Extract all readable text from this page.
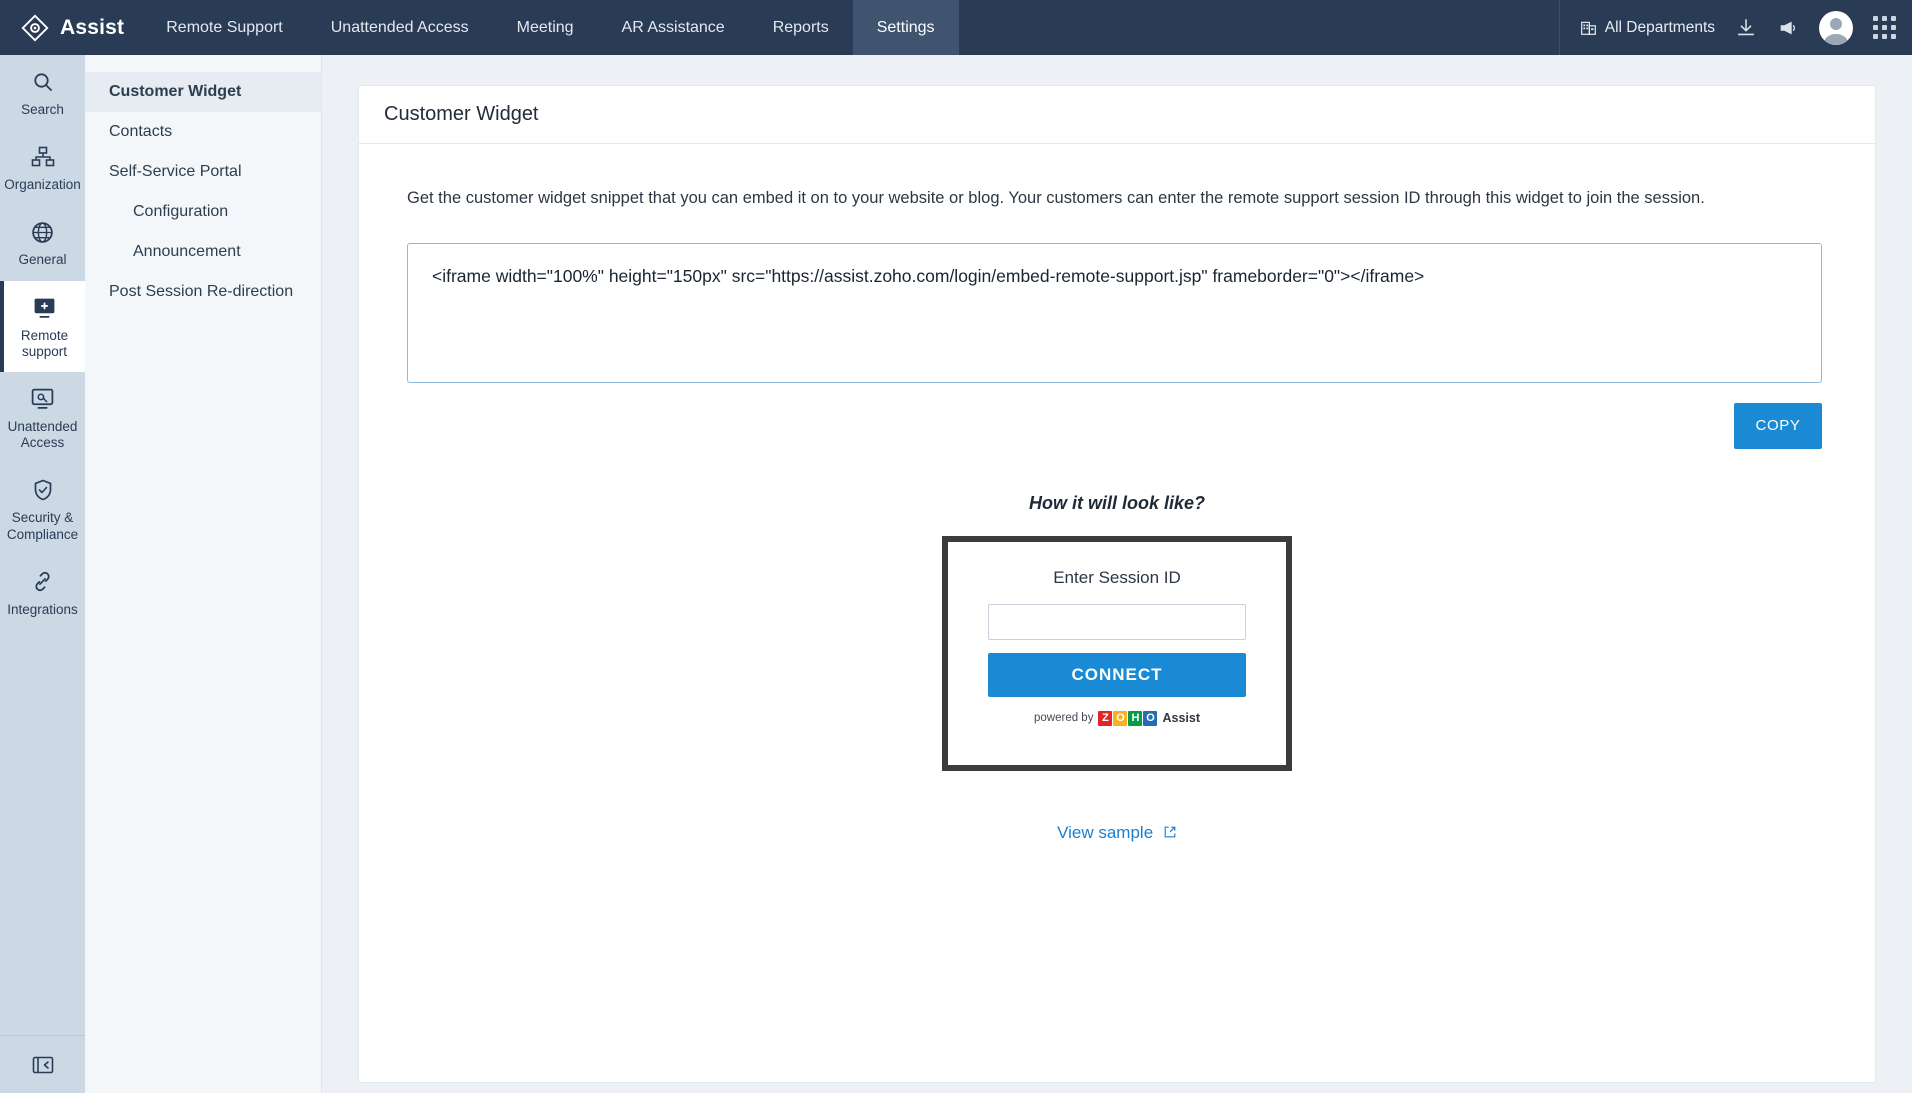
Assist	Remote Support	Unattended Access	Meeting	AR Assistance	Reports	Settings	All Departments
Search
Organization
General
Remote support
Unattended Access
Security & Compliance
Integrations
Customer Widget
Contacts
Self-Service Portal
Configuration
Announcement
Post Session Re-direction
Customer Widget
Get the customer widget snippet that you can embed it on to your website or blog. Your customers can enter the remote support session ID through this widget to join the session.
<iframe width="100%" height="150px" src="https://assist.zoho.com/login/embed-remote-support.jsp" frameborder="0"></iframe>
COPY
How it will look like?
Enter Session ID
CONNECT
powered by Z O H O Assist
View sample
